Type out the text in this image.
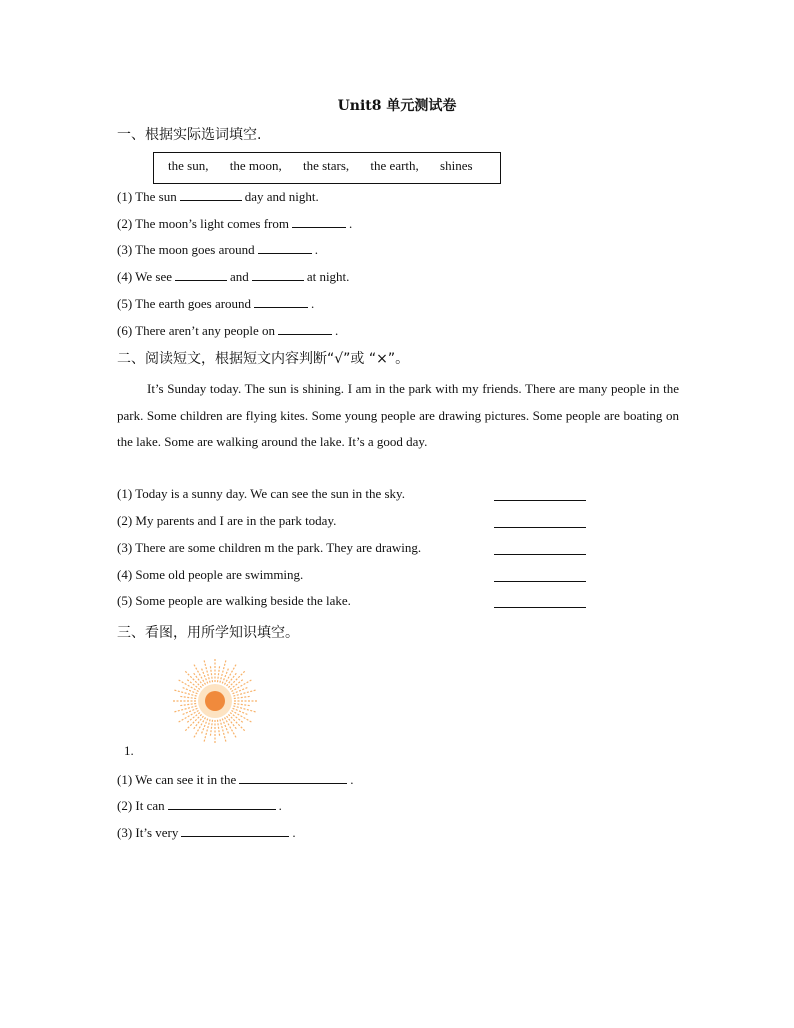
Unit8 单元测试卷
一、根据实际选词填空.
the sun, the moon, the stars, the earth, shines
(1) The sun	day and night.
(2) The moon’s light comes from	.
(3) The moon goes around	.
(4) We see	and	at night.
(5) The earth goes around	.
(6) There aren’t any people on	.
二、阅读短文，根据短文内容判断“√”或 “×”。
It’s Sunday today. The sun is shining. I am in the park with my friends. There are many people in the park. Some children are flying kites. Some young people are drawing pictures. Some people are boating on the lake. Some are walking around the lake. It’s a good day.
(1) Today is a sunny day. We can see the sun in the sky.
(2) My parents and I are in the park today.
(3) There are some children m the park. They are drawing.
(4) Some old people are swimming.
(5) Some people are walking beside the lake.
三、看图，用所学知识填空。
1.
(1) We can see it in the	.
(2) It can	.
(3) It’s very	.
